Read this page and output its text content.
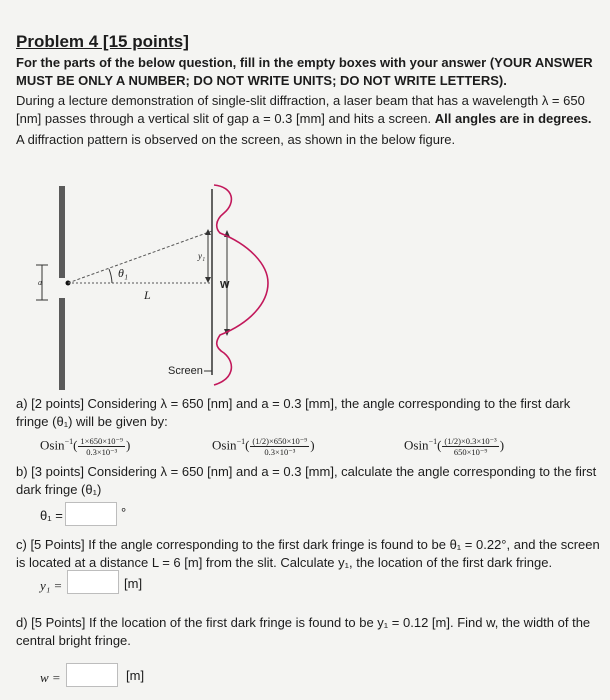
Problem 4 [15 points]
For the parts of the below question, fill in the empty boxes with your answer (YOUR ANSWER MUST BE ONLY A NUMBER; DO NOT WRITE UNITS; DO NOT WRITE LETTERS).
During a lecture demonstration of single-slit diffraction, a laser beam that has a wavelength λ = 650 [nm] passes through a vertical slit of gap a = 0.3 [mm] and hits a screen. All angles are in degrees.
A diffraction pattern is observed on the screen, as shown in the below figure.
a
θ₁
L
y₁
W
Screen
a) [2 points] Considering λ = 650 [nm] and a = 0.3 [mm], the angle corresponding to the first dark fringe (θ₁) will be given by:
$Osin^{-1}( \frac{\text{1×650×10⁻⁹}}{\text{0.3×10⁻³}}$ )	$Osin^{-1}( \frac{\text{(1/2)×650×10⁻⁹}}{\text{0.3×10⁻³}}$ )	$Osin^{-1}( \frac{\text{(1/2)×0.3×10⁻³}}{\text{650×10⁻⁹}}$ )
b) [3 points] Considering λ = 650 [nm] and a = 0.3 [mm], calculate the angle corresponding to the first dark fringe (θ₁)
θ₁ =	°
c) [5 Points] If the angle corresponding to the first dark fringe is found to be θ₁ = 0.22°, and the screen is located at a distance L = 6 [m] from the slit. Calculate y₁, the location of the first dark fringe.
y₁ =	[m]
d) [5 Points] If the location of the first dark fringe is found to be y₁ = 0.12 [m]. Find w, the width of the central bright fringe.
w =	[m]
